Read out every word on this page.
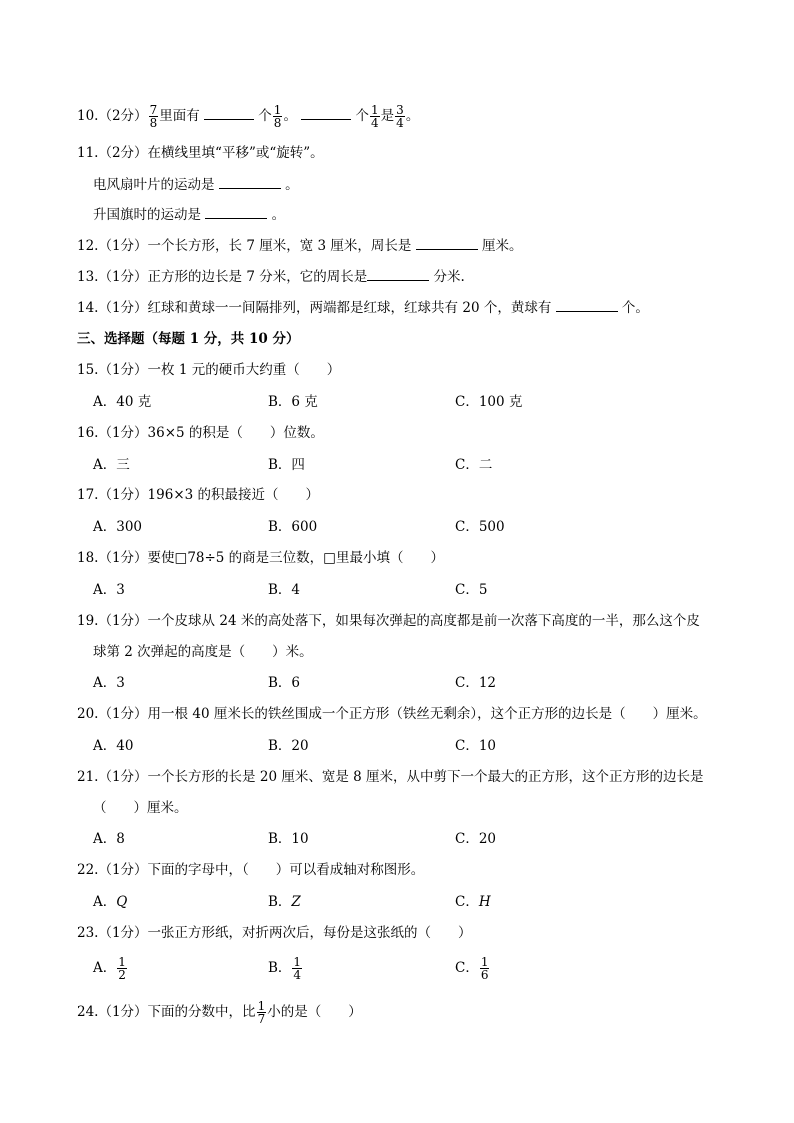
10.（2分） $\frac{7}{8}$ 里面有	个 $\frac{1}{8}$ 。	个 $\frac{1}{4}$ 是 $\frac{3}{4}$ 。
11.（2分）在横线里填“平移”或“旋转”。
电风扇叶片的运动是	。
升国旗时的运动是	。
12.（1分）一个长方形，长 7 厘米，宽 3 厘米，周长是	厘米。
13.（1分）正方形的边长是 7 分米，它的周长是	分米.
14.（1分）红球和黄球一一间隔排列，两端都是红球，红球共有 20 个，黄球有	个。
三、选择题（每题 1 分，共 10 分）
15.（1分）一枚 1 元的硬币大约重（　　）
A．40 克	B．6 克	C．100 克
16.（1分）36×5 的积是（　　）位数。
A．三	B．四	C．二
17.（1分）196×3 的积最接近（　　）
A．300	B．600	C．500
18.（1分）要使□78÷5 的商是三位数，□里最小填（　　）
A．3	B．4	C．5
19.（1分）一个皮球从 24 米的高处落下，如果每次弹起的高度都是前一次落下高度的一半，那么这个皮
球第 2 次弹起的高度是（　　）米。
A．3	B．6	C．12
20.（1分）用一根 40 厘米长的铁丝围成一个正方形（铁丝无剩余），这个正方形的边长是（　　）厘米。
A．40	B．20	C．10
21.（1分）一个长方形的长是 20 厘米、宽是 8 厘米，从中剪下一个最大的正方形，这个正方形的边长是
（　　）厘米。
A．8	B．10	C．20
22.（1分）下面的字母中，（　　）可以看成轴对称图形。
A．Q	B．Z	C．H
23.（1分）一张正方形纸，对折两次后，每份是这张纸的（　　）
A． $\frac{1}{2}$	B． $\frac{1}{4}$	C． $\frac{1}{6}$
24.（1分）下面的分数中，比 $\frac{1}{7}$ 小的是（　　）
